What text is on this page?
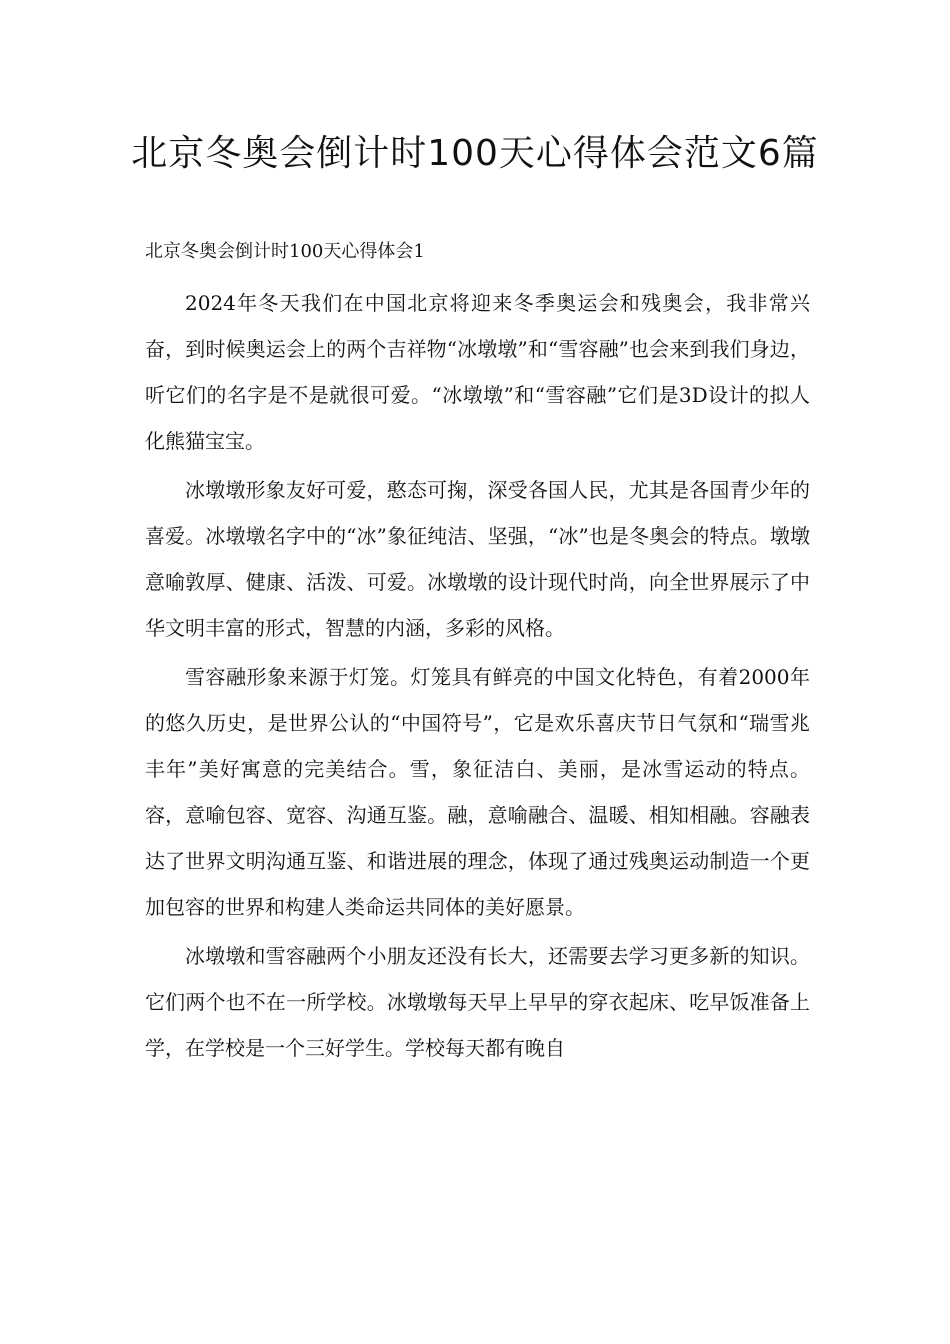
北京冬奥会倒计时100天心得体会范文6篇
北京冬奥会倒计时100天心得体会1

2024年冬天我们在中国北京将迎来冬季奥运会和残奥会，我非常兴奋，到时候奥运会上的两个吉祥物“冰墩墩”和“雪容融”也会来到我们身边，听它们的名字是不是就很可爱。“冰墩墩”和“雪容融”它们是3D设计的拟人化熊猫宝宝。

冰墩墩形象友好可爱，憨态可掬，深受各国人民，尤其是各国青少年的喜爱。冰墩墩名字中的“冰”象征纯洁、坚强，“冰”也是冬奥会的特点。墩墩意喻敦厚、健康、活泼、可爱。冰墩墩的设计现代时尚，向全世界展示了中华文明丰富的形式，智慧的内涵，多彩的风格。

雪容融形象来源于灯笼。灯笼具有鲜亮的中国文化特色，有着2000年的悠久历史，是世界公认的“中国符号”，它是欢乐喜庆节日气氛和“瑞雪兆丰年”美好寓意的完美结合。雪，象征洁白、美丽，是冰雪运动的特点。容，意喻包容、宽容、沟通互鉴。融，意喻融合、温暖、相知相融。容融表达了世界文明沟通互鉴、和谐进展的理念，体现了通过残奥运动制造一个更加包容的世界和构建人类命运共同体的美好愿景。

冰墩墩和雪容融两个小朋友还没有长大，还需要去学习更多新的知识。它们两个也不在一所学校。冰墩墩每天早上早早的穿衣起床、吃早饭准备上学，在学校是一个三好学生。学校每天都有晚自
